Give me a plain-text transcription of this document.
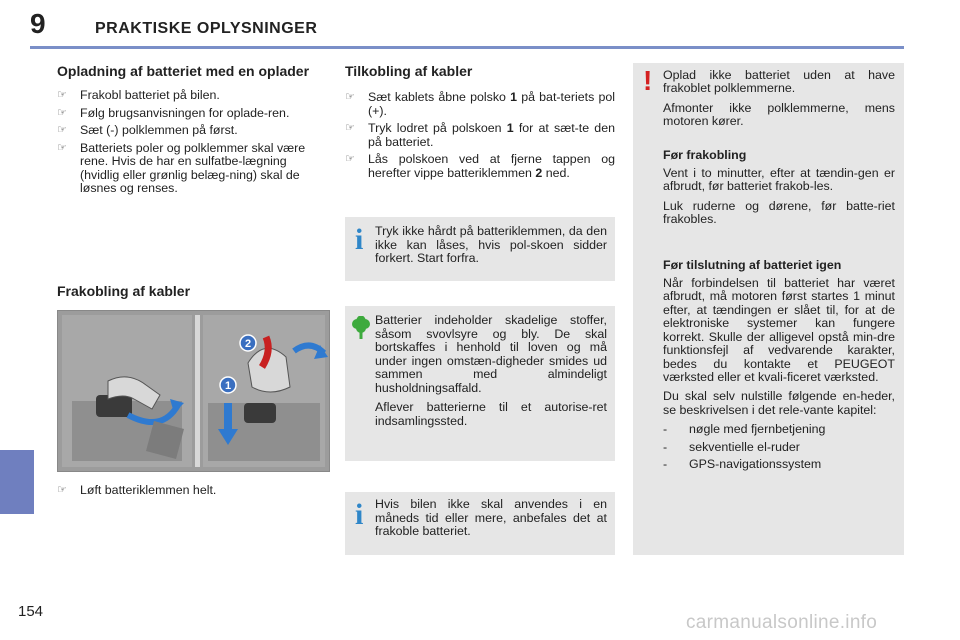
9	PRAKTISKE OPLYSNINGER
154
carmanualsonline.info
Opladning af batteriet med en oplader
☞ Frakobl batteriet på bilen.
☞ Følg brugsanvisningen for oplade-ren.
☞ Sæt (-) polklemmen på først.
☞ Batteriets poler og polklemmer skal være rene. Hvis de har en sulfatbe-lægning (hvidlig eller grønlig belæg-ning) skal de løsnes og renses.
Frakobling af kabler
1
2
☞ Løft batteriklemmen helt.
Tilkobling af kabler
☞ Sæt kablets åbne polsko 1 på bat-teriets pol (+).
☞ Tryk lodret på polskoen 1 for at sæt-te den på batteriet.
☞ Lås polskoen ved at fjerne tappen og herefter vippe batteriklemmen 2 ned.
i Tryk ikke hårdt på batteriklemmen, da den ikke kan låses, hvis pol-skoen sidder forkert. Start forfra.

Batterier indeholder skadelige stoffer, såsom svovlsyre og bly. De skal bortskaffes i henhold til loven og må under ingen omstæn-digheder smides ud sammen med almindeligt husholdningsaffald.

Aflever batterierne til et autorise-ret indsamlingssted.

i Hvis bilen ikke skal anvendes i en måneds tid eller mere, anbefales det at frakoble batteriet.
! Oplad ikke batteriet uden at have frakoblet polklemmerne.

Afmonter ikke polklemmerne, mens motoren kører.

Før frakobling

Vent i to minutter, efter at tændin-gen er afbrudt, før batteriet frakob-les.

Luk ruderne og dørene, før batte-riet frakobles.

Før tilslutning af batteriet igen

Når forbindelsen til batteriet har været afbrudt, må motoren først startes 1 minut efter, at tændingen er slået til, for at de elektroniske systemer kan fungere korrekt. Skulle der alligevel opstå min-dre funktionsfejl af vedvarende karakter, bedes du kontakte et PEUGEOT værksted eller et kvali-ficeret værksted.

Du skal selv nulstille følgende en-heder, se beskrivelsen i det rele-vante kapitel:

- nøgle med fjernbetjening
- sekventielle el-ruder
- GPS-navigationssystem
